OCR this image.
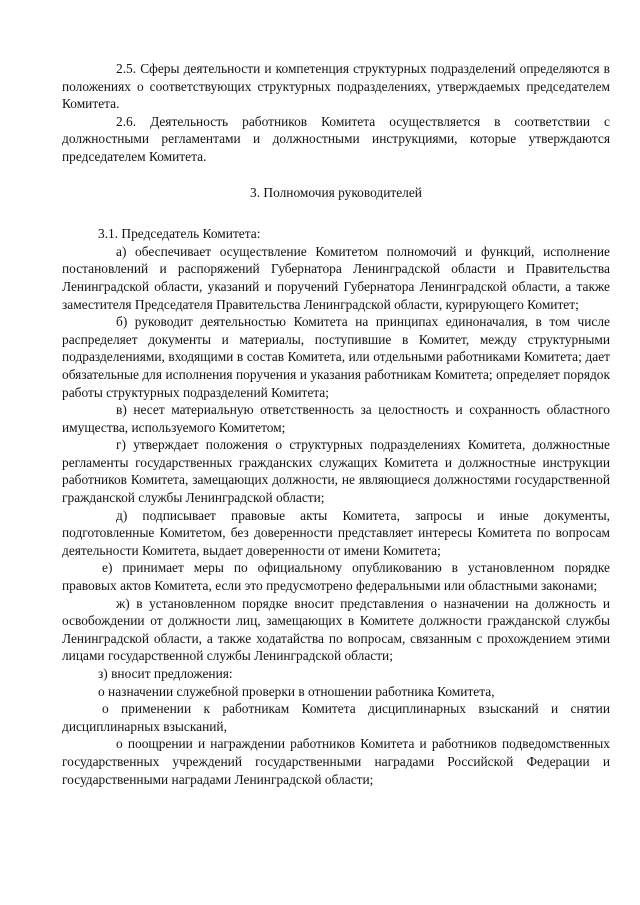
2.5. Сферы деятельности и компетенция структурных подразделений определяются в положениях о соответствующих структурных подразделениях, утверждаемых председателем Комитета.

2.6. Деятельность работников Комитета осуществляется в соответствии с должностными регламентами и должностными инструкциями, которые утверждаются председателем Комитета.

3. Полномочия руководителей

3.1. Председатель Комитета:

а) обеспечивает осуществление Комитетом полномочий и функций, исполнение постановлений и распоряжений Губернатора Ленинградской области и Правительства Ленинградской области, указаний и поручений Губернатора Ленинградской области, а также заместителя Председателя Правительства Ленинградской области, курирующего Комитет;

б) руководит деятельностью Комитета на принципах единоначалия, в том числе распределяет документы и материалы, поступившие в Комитет, между структурными подразделениями, входящими в состав Комитета, или отдельными работниками Комитета; дает обязательные для исполнения поручения и указания работникам Комитета; определяет порядок работы структурных подразделений Комитета;

в) несет материальную ответственность за целостность и сохранность областного имущества, используемого Комитетом;

г) утверждает положения о структурных подразделениях Комитета, должностные регламенты государственных гражданских служащих Комитета и должностные инструкции работников Комитета, замещающих должности, не являющиеся должностями государственной гражданской службы Ленинградской области;

д) подписывает правовые акты Комитета, запросы и иные документы, подготовленные Комитетом, без доверенности представляет интересы Комитета по вопросам деятельности Комитета, выдает доверенности от имени Комитета;

е) принимает меры по официальному опубликованию в установленном порядке правовых актов Комитета, если это предусмотрено федеральными или областными законами;

ж) в установленном порядке вносит представления о назначении на должность и освобождении от должности лиц, замещающих в Комитете должности гражданской службы Ленинградской области, а также ходатайства по вопросам, связанным с прохождением этими лицами государственной службы Ленинградской области;

з) вносит предложения:

о назначении служебной проверки в отношении работника Комитета,

о применении к работникам Комитета дисциплинарных взысканий и снятии дисциплинарных взысканий,

о поощрении и награждении работников Комитета и работников подведомственных государственных учреждений государственными наградами Российской Федерации и государственными наградами Ленинградской области;
